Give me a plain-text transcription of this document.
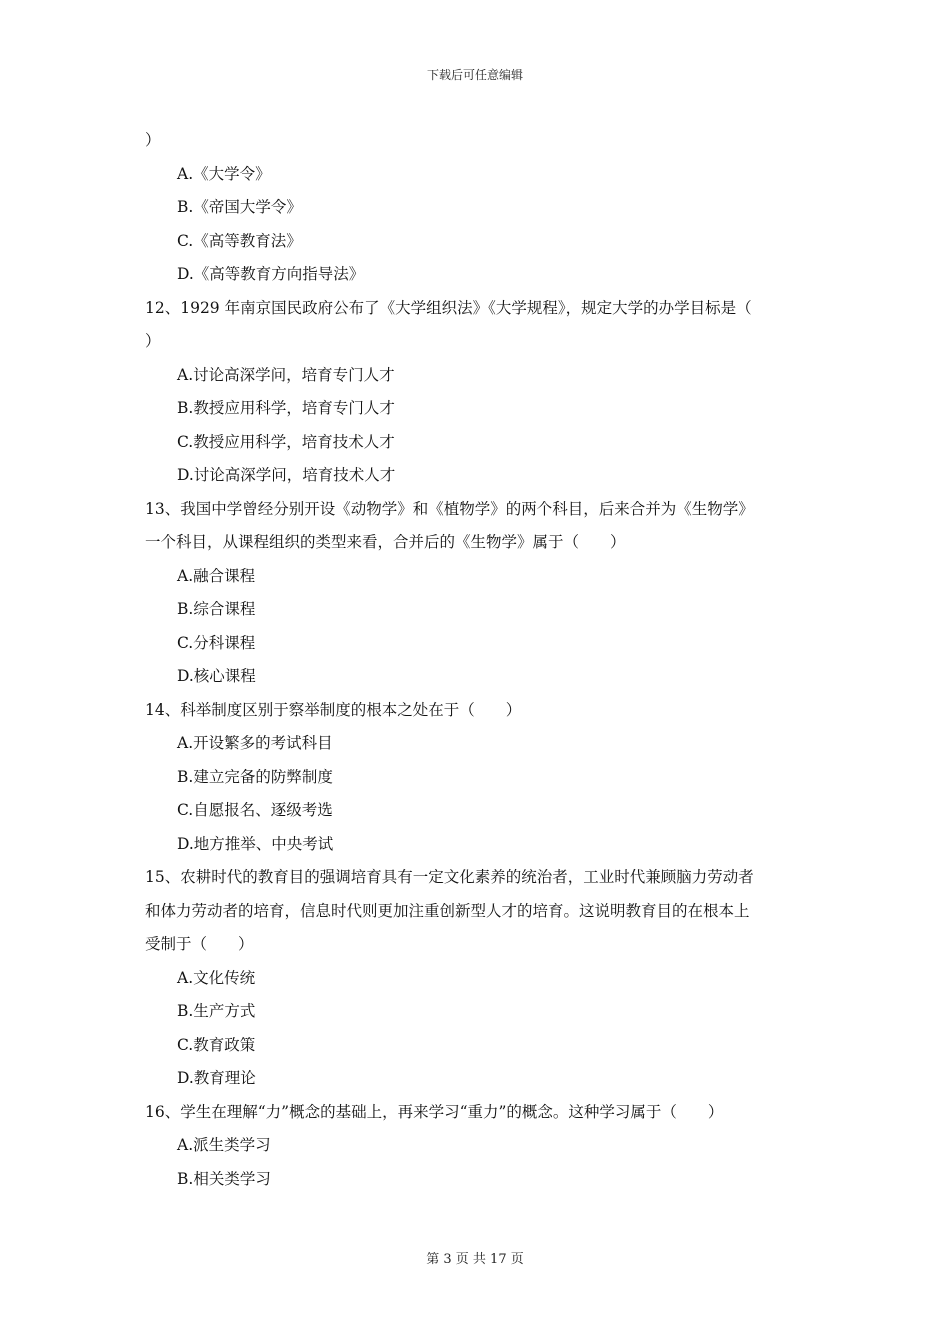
下载后可任意编辑
）
A.《大学令》
B.《帝国大学令》
C.《高等教育法》
D.《高等教育方向指导法》
12、1929 年南京国民政府公布了《大学组织法》《大学规程》，规定大学的办学目标是（
）
A.讨论高深学问，培育专门人才
B.教授应用科学，培育专门人才
C.教授应用科学，培育技术人才
D.讨论高深学问，培育技术人才
13、我国中学曾经分别开设《动物学》和《植物学》的两个科目，后来合并为《生物学》
一个科目，从课程组织的类型来看，合并后的《生物学》属于（　　）
A.融合课程
B.综合课程
C.分科课程
D.核心课程
14、科举制度区别于察举制度的根本之处在于（　　）
A.开设繁多的考试科目
B.建立完备的防弊制度
C.自愿报名、逐级考选
D.地方推举、中央考试
15、农耕时代的教育目的强调培育具有一定文化素养的统治者，工业时代兼顾脑力劳动者
和体力劳动者的培育，信息时代则更加注重创新型人才的培育。这说明教育目的在根本上
受制于（　　）
A.文化传统
B.生产方式
C.教育政策
D.教育理论
16、学生在理解“力”概念的基础上，再来学习“重力”的概念。这种学习属于（　　）
A.派生类学习
B.相关类学习
第 3 页 共 17 页
